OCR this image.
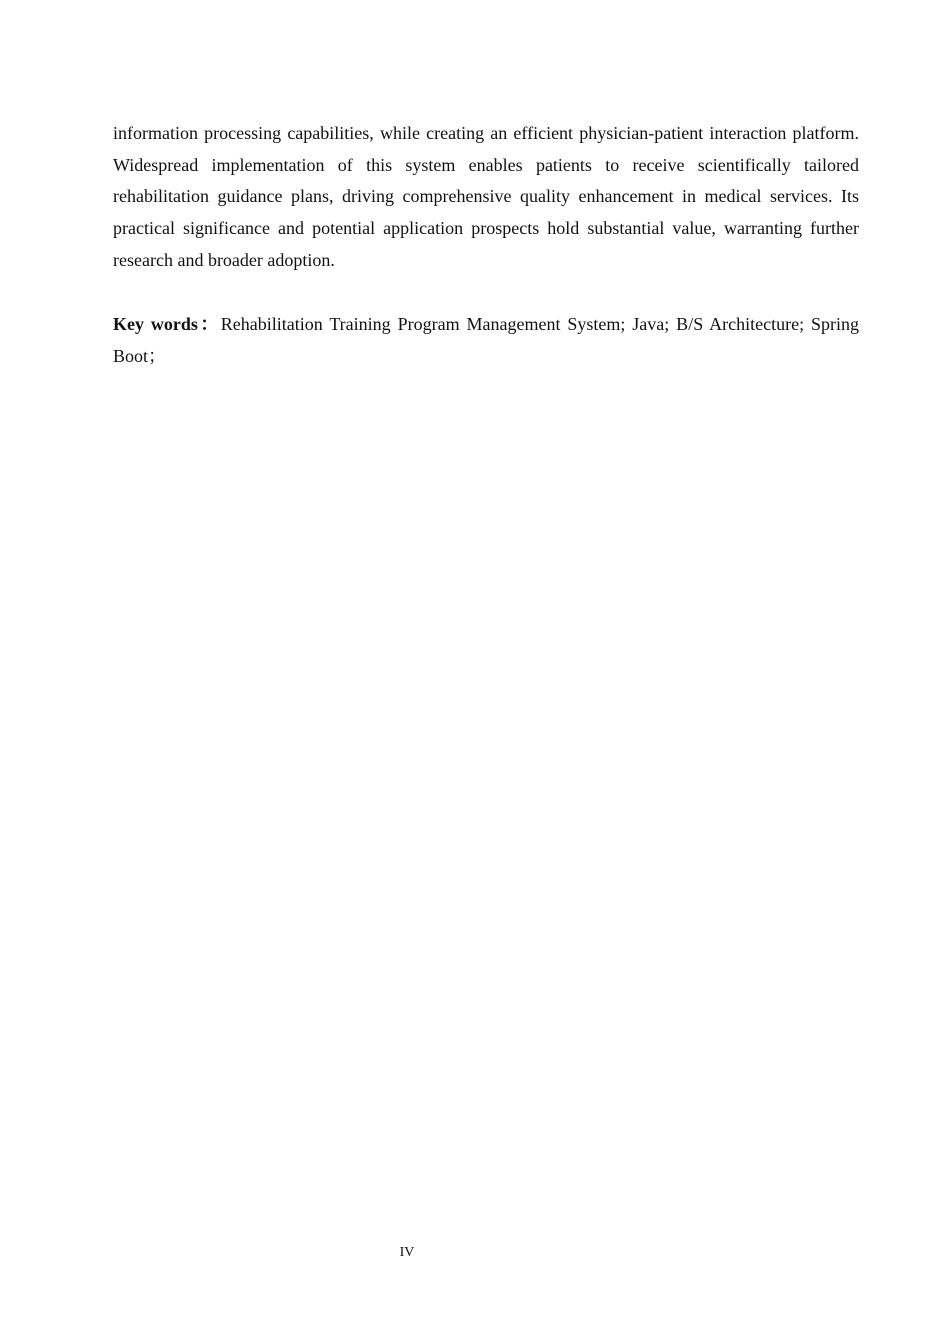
information processing capabilities, while creating an efficient physician-patient interaction platform. Widespread implementation of this system enables patients to receive scientifically tailored rehabilitation guidance plans, driving comprehensive quality enhancement in medical services. Its practical significance and potential application prospects hold substantial value, warranting further research and broader adoption.

Key words：Rehabilitation Training Program Management System; Java; B/S Architecture; Spring Boot；

IV
